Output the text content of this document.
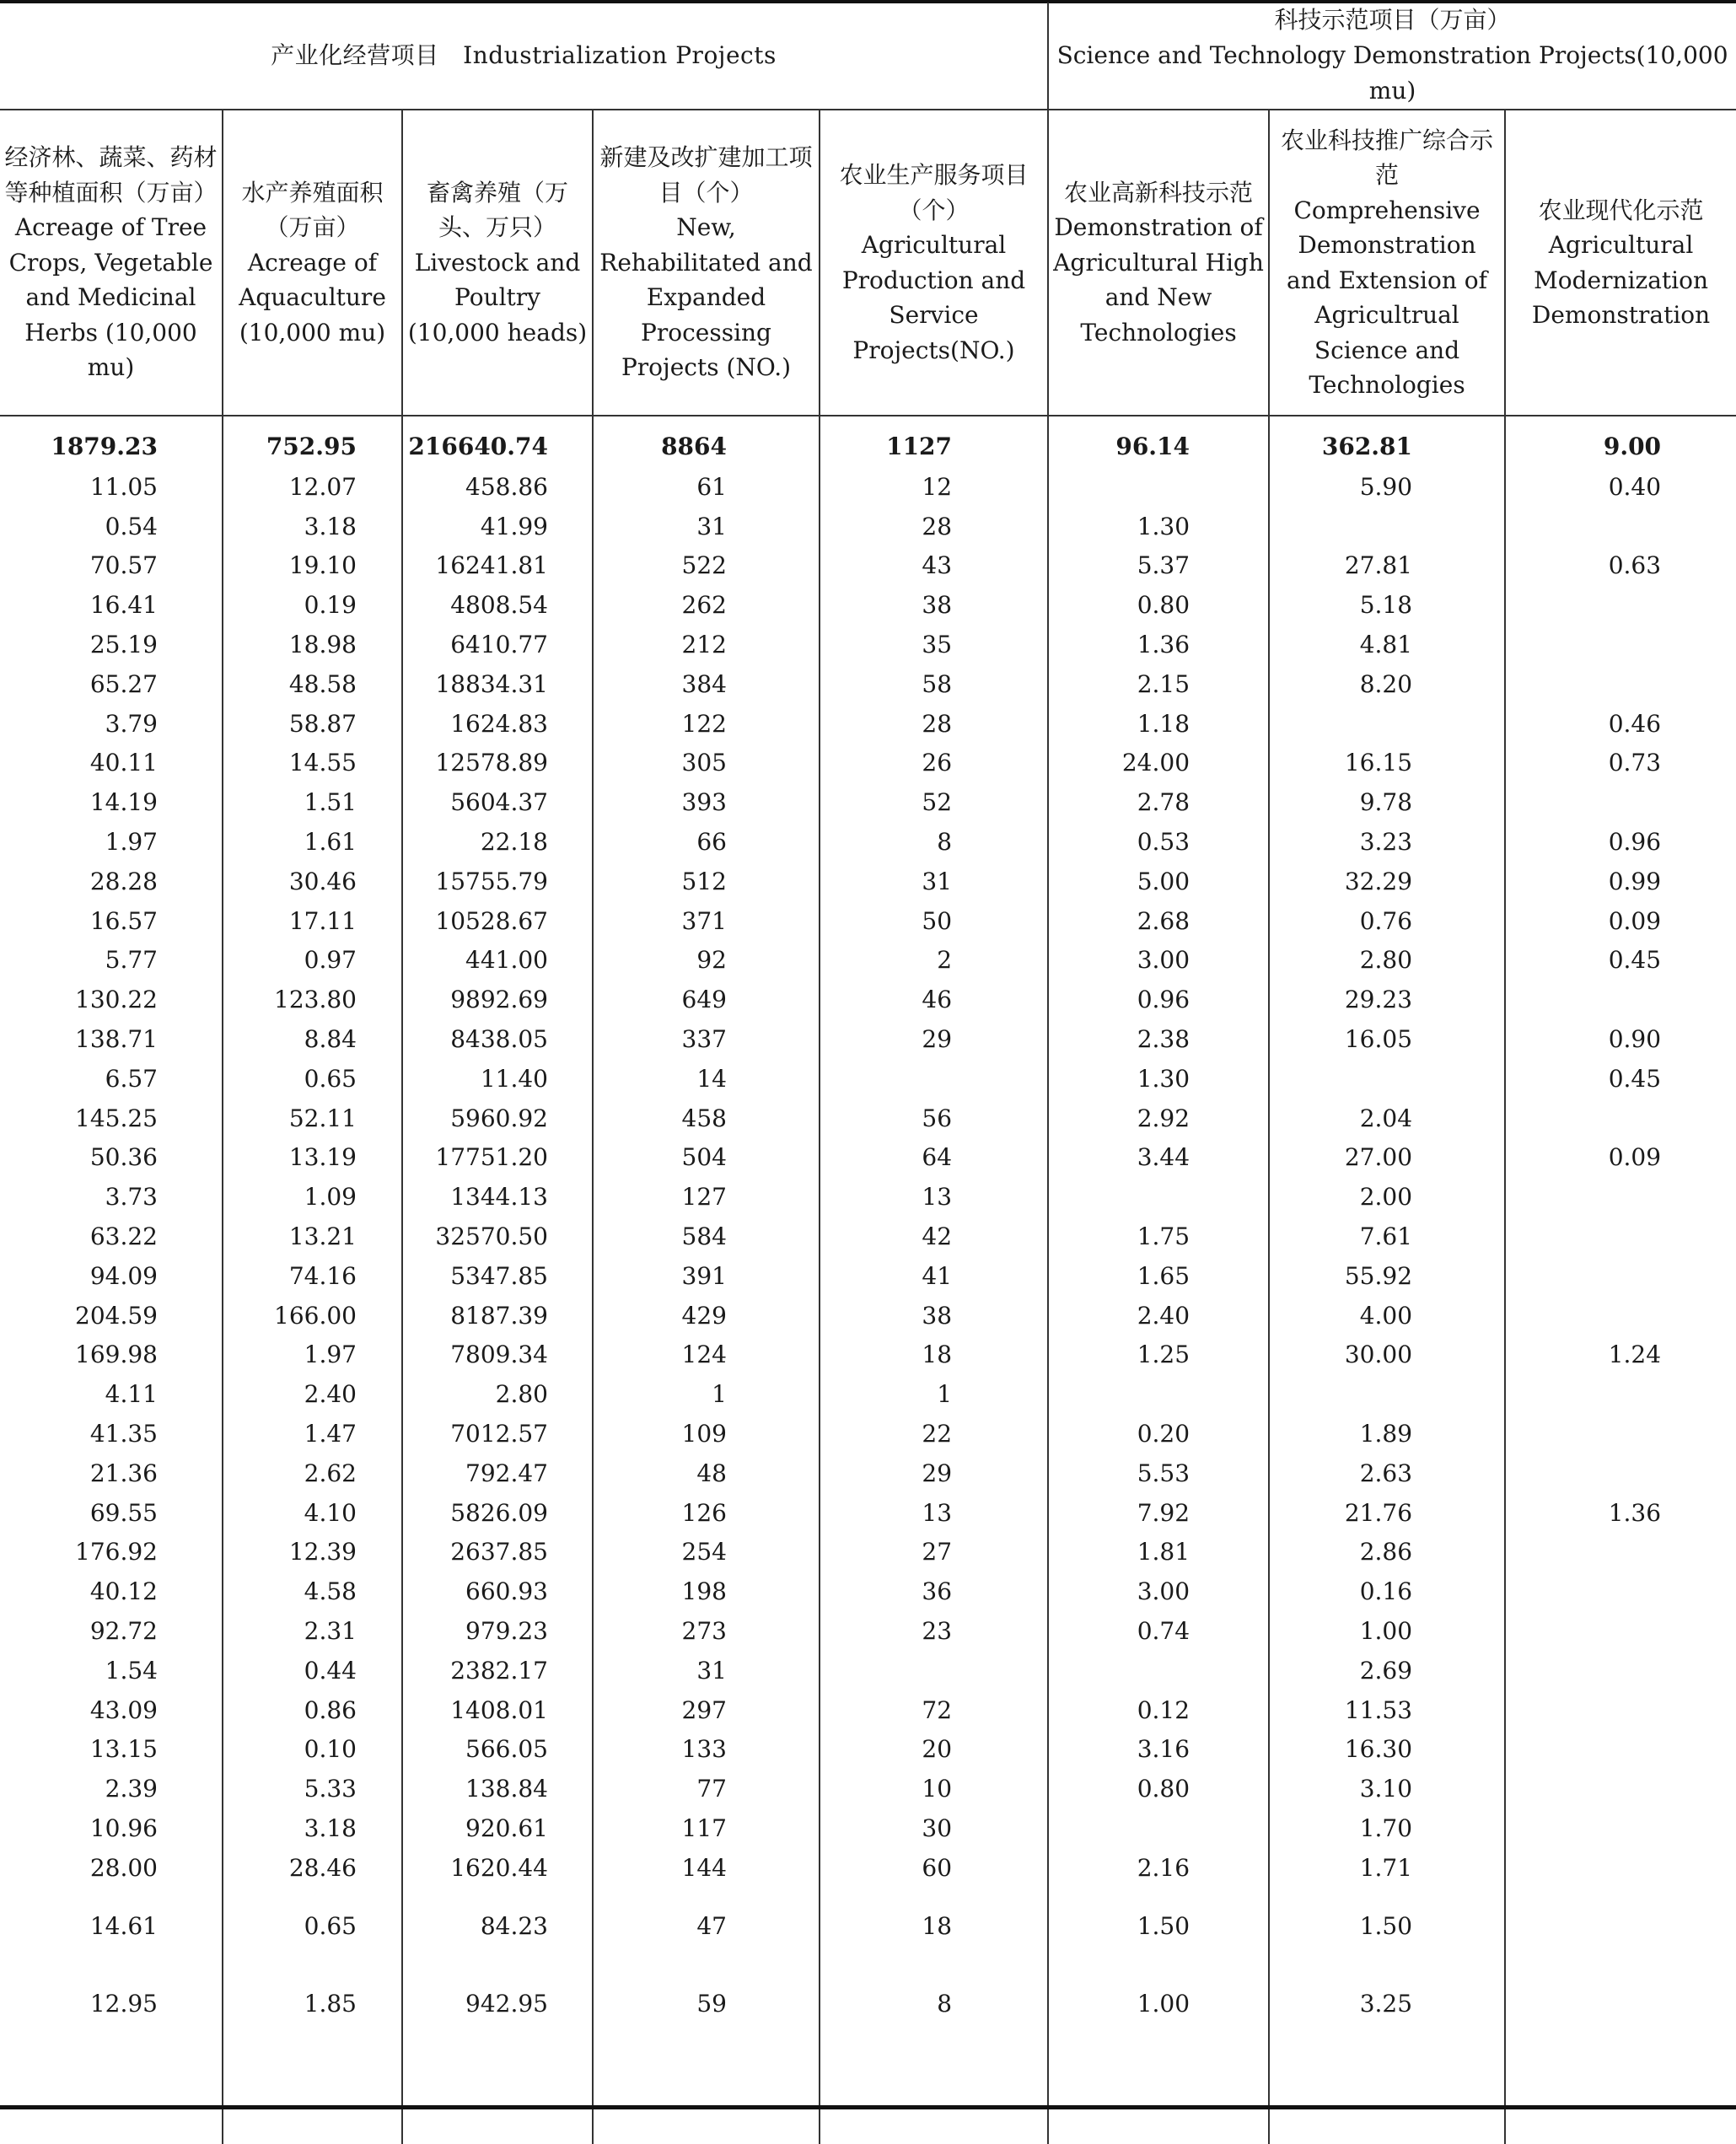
产业化经营项目　Industrialization Projects					科技示范项目（万亩）
Science and Technology Demonstration Projects(10,000 mu)		

经济林、蔬菜、药材等种植面积（万亩）
Acreage of Tree Crops, Vegetable and Medicinal Herbs (10,000 mu)	水产养殖面积（万亩）
Acreage of Aquaculture (10,000 mu)	畜禽养殖（万头、万只）
Livestock and Poultry (10,000 heads)	新建及改扩建加工项目（个）
New, Rehabilitated and Expanded Processing Projects (NO.)	农业生产服务项目（个）
Agricultural Production and Service Projects(NO.)	农业高新科技示范
Demonstration of Agricultural High and New Technologies	农业科技推广综合示范
Comprehensive Demonstration and Extension of Agricultrual Science and Technologies	农业现代化示范
Agricultural Modernization Demonstration

1879.23	752.95	216640.74	8864	1127	96.14	362.81	9.00
11.05	12.07	458.86	61	12		5.90	0.40
0.54	3.18	41.99	31	28	1.30		
70.57	19.10	16241.81	522	43	5.37	27.81	0.63
16.41	0.19	4808.54	262	38	0.80	5.18	
25.19	18.98	6410.77	212	35	1.36	4.81	
65.27	48.58	18834.31	384	58	2.15	8.20	
3.79	58.87	1624.83	122	28	1.18		0.46
40.11	14.55	12578.89	305	26	24.00	16.15	0.73
14.19	1.51	5604.37	393	52	2.78	9.78	
1.97	1.61	22.18	66	8	0.53	3.23	0.96
28.28	30.46	15755.79	512	31	5.00	32.29	0.99
16.57	17.11	10528.67	371	50	2.68	0.76	0.09
5.77	0.97	441.00	92	2	3.00	2.80	0.45
130.22	123.80	9892.69	649	46	0.96	29.23	
138.71	8.84	8438.05	337	29	2.38	16.05	0.90
6.57	0.65	11.40	14		1.30		0.45
145.25	52.11	5960.92	458	56	2.92	2.04	
50.36	13.19	17751.20	504	64	3.44	27.00	0.09
3.73	1.09	1344.13	127	13		2.00	
63.22	13.21	32570.50	584	42	1.75	7.61	
94.09	74.16	5347.85	391	41	1.65	55.92	
204.59	166.00	8187.39	429	38	2.40	4.00	
169.98	1.97	7809.34	124	18	1.25	30.00	1.24
4.11	2.40	2.80	1	1			
41.35	1.47	7012.57	109	22	0.20	1.89	
21.36	2.62	792.47	48	29	5.53	2.63	
69.55	4.10	5826.09	126	13	7.92	21.76	1.36
176.92	12.39	2637.85	254	27	1.81	2.86	
40.12	4.58	660.93	198	36	3.00	0.16	
92.72	2.31	979.23	273	23	0.74	1.00	
1.54	0.44	2382.17	31			2.69	
43.09	0.86	1408.01	297	72	0.12	11.53	
13.15	0.10	566.05	133	20	3.16	16.30	
2.39	5.33	138.84	77	10	0.80	3.10	
10.96	3.18	920.61	117	30		1.70	
28.00	28.46	1620.44	144	60	2.16	1.71	
14.61	0.65	84.23	47	18	1.50	1.50	
12.95	1.85	942.95	59	8	1.00	3.25	
